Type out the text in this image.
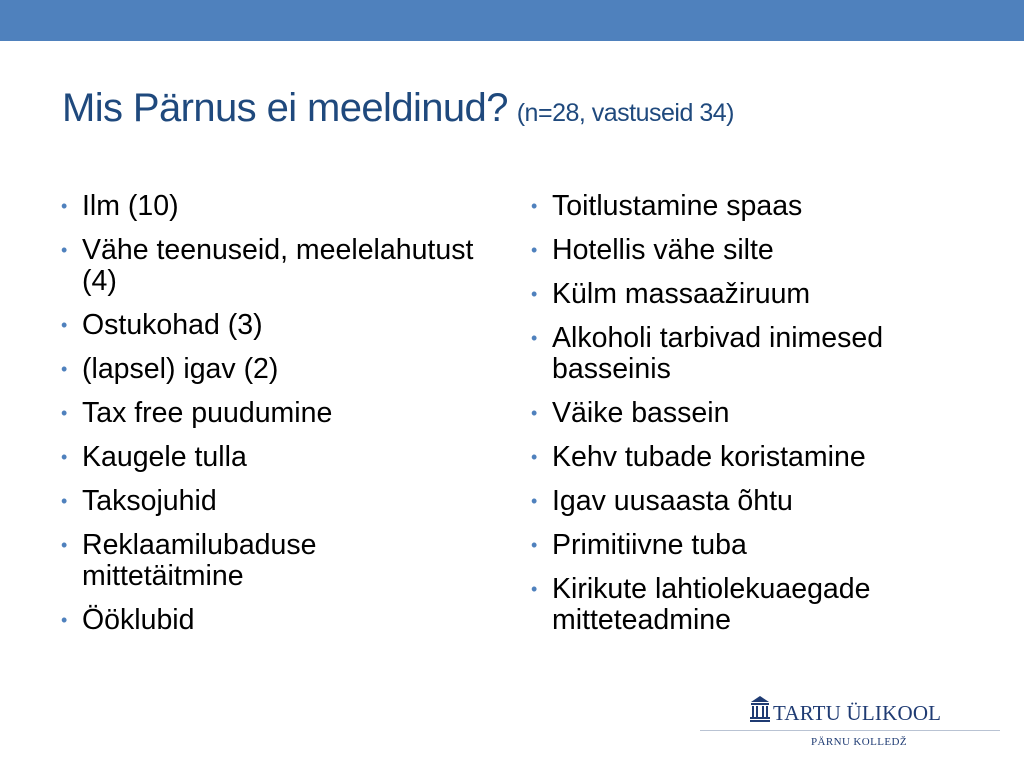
Mis Pärnus ei meeldinud? (n=28, vastuseid 34)
• Ilm (10)
• Vähe teenuseid, meelelahutust (4)
• Ostukohad (3)
• (lapsel) igav (2)
• Tax free puudumine
• Kaugele tulla
• Taksojuhid
• Reklaamilubaduse mittetäitmine
• Ööklubid
• Toitlustamine spaas
• Hotellis vähe silte
• Külm massaažiruum
• Alkoholi tarbivad inimesed basseinis
• Väike bassein
• Kehv tubade koristamine
• Igav uusaasta õhtu
• Primitiivne tuba
• Kirikute lahtiolekuaegade mitteteadmine
TARTU ÜLIKOOL
PÄRNU KOLLEDŽ
